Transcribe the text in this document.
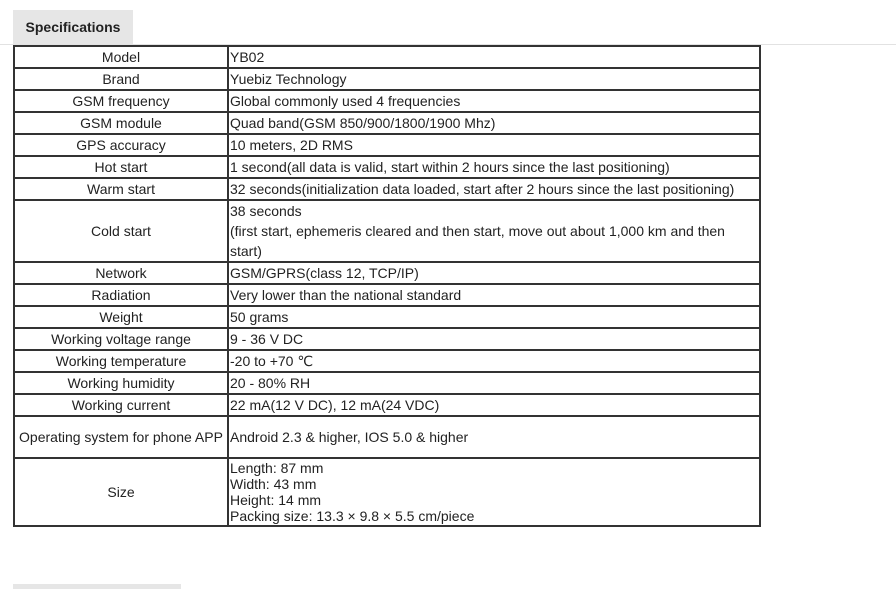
Specifications
Model	YB02
Brand	Yuebiz Technology
GSM frequency	Global commonly used 4 frequencies
GSM module	Quad band(GSM 850/900/1800/1900 Mhz)
GPS accuracy	10 meters, 2D RMS
Hot start	1 second(all data is valid, start within 2 hours since the last positioning)
Warm start	32 seconds(initialization data loaded, start after 2 hours since the last positioning)
Cold start	38 seconds
(first start, ephemeris cleared and then start, move out about 1,000 km and then start)

Network	GSM/GPRS(class 12, TCP/IP)
Radiation	Very lower than the national standard
Weight	50 grams
Working voltage range	9 - 36 V DC
Working temperature	-20 to +70 ℃
Working humidity	20 - 80% RH
Working current	22 mA(12 V DC), 12 mA(24 VDC)
Operating system for phone APP	Android 2.3 & higher, IOS 5.0 & higher
Size	Length: 87 mm
Width: 43 mm
Height: 14 mm
Packing size: 13.3 × 9.8 × 5.5 cm/piece
